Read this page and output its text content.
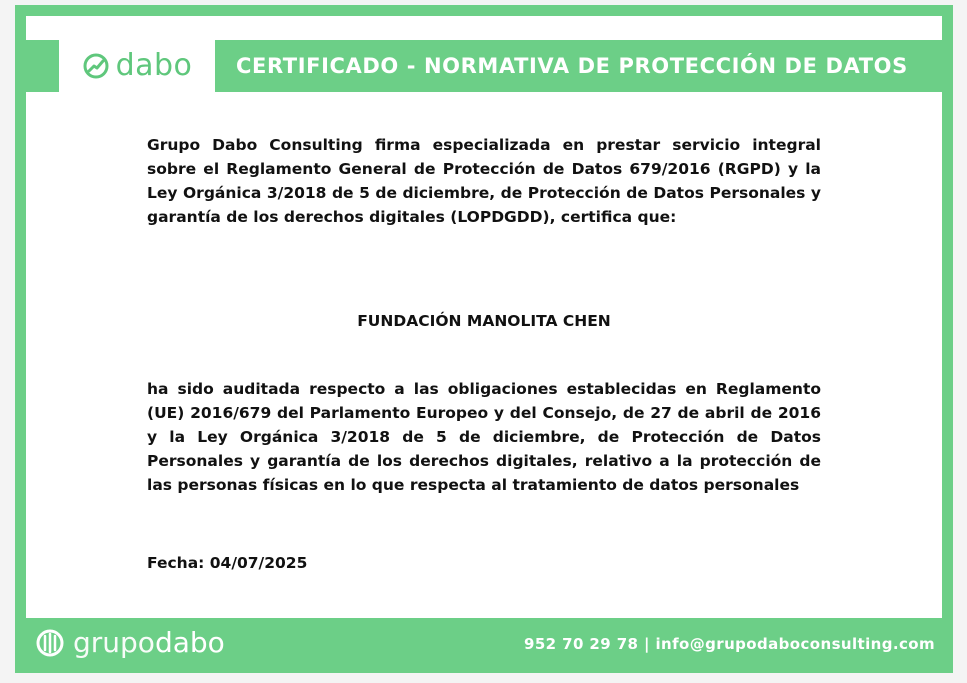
dabo CERTIFICADO - NORMATIVA DE PROTECCIÓN DE DATOS

Grupo Dabo Consulting firma especializada en prestar servicio integral sobre el Reglamento General de Protección de Datos 679/2016 (RGPD) y la Ley Orgánica 3/2018 de 5 de diciembre, de Protección de Datos Personales y garantía de los derechos digitales (LOPDGDD), certifica que:

FUNDACIÓN MANOLITA CHEN

ha sido auditada respecto a las obligaciones establecidas en Reglamento (UE) 2016/679 del Parlamento Europeo y del Consejo, de 27 de abril de 2016 y la Ley Orgánica 3/2018 de 5 de diciembre, de Protección de Datos Personales y garantía de los derechos digitales, relativo a la protección de las personas físicas en lo que respecta al tratamiento de datos personales

Fecha: 04/07/2025

grupodabo	952 70 29 78 | info@grupodaboconsulting.com
